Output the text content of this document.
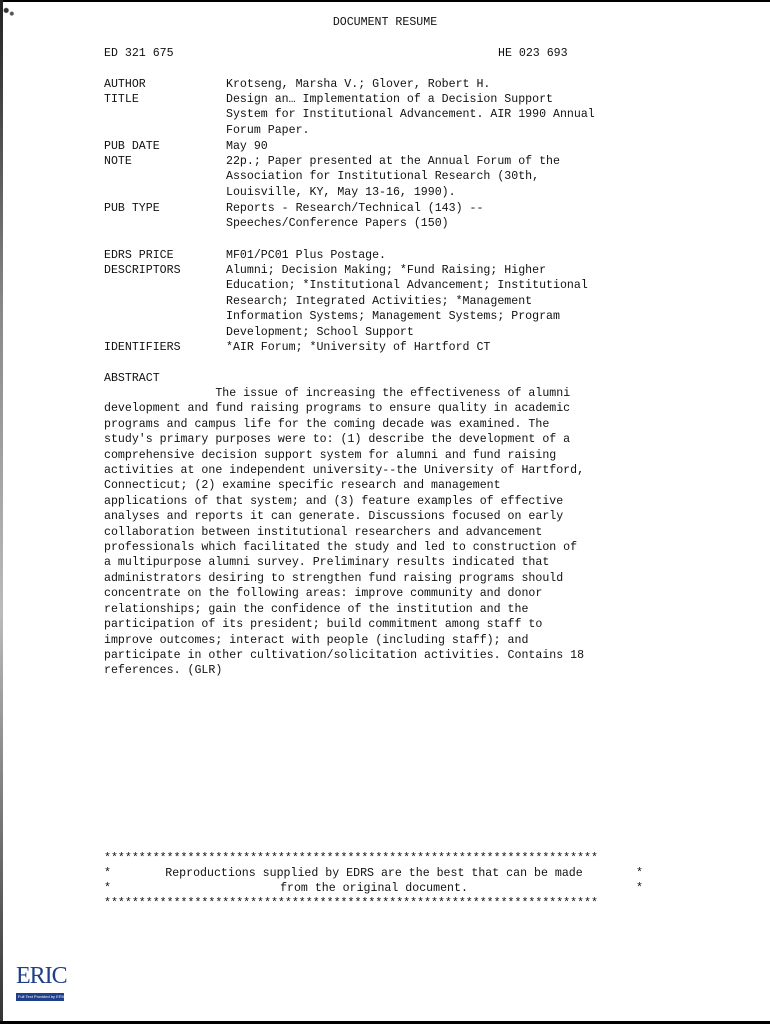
DOCUMENT RESUME
ED 321 675	HE 023 693

AUTHOR

	Krotseng, Marsha V.; Glover, Robert H.

TITLE

	Design an… Implementation of a Decision Support
System for Institutional Advancement. AIR 1990 Annual
Forum Paper.

PUB DATE

	May 90

NOTE

	22p.; Paper presented at the Annual Forum of the
Association for Institutional Research (30th,
Louisville, KY, May 13-16, 1990).

PUB TYPE

	Reports - Research/Technical (143) --
Speeches/Conference Papers (150)

EDRS PRICE

	MF01/PC01 Plus Postage.

DESCRIPTORS

	Alumni; Decision Making; *Fund Raising; Higher
Education; *Institutional Advancement; Institutional
Research; Integrated Activities; *Management
Information Systems; Management Systems; Program
Development; School Support

IDENTIFIERS

	*AIR Forum; *University of Hartford CT

ABSTRACT
The issue of increasing the effectiveness of alumni
development and fund raising programs to ensure quality in academic
programs and campus life for the coming decade was examined. The
study's primary purposes were to: (1) describe the development of a
comprehensive decision support system for alumni and fund raising
activities at one independent university--the University of Hartford,
Connecticut; (2) examine specific research and management
applications of that system; and (3) feature examples of effective
analyses and reports it can generate. Discussions focused on early
collaboration between institutional researchers and advancement
professionals which facilitated the study and led to construction of
a multipurpose alumni survey. Preliminary results indicated that
administrators desiring to strengthen fund raising programs should
concentrate on the following areas: improve community and donor
relationships; gain the confidence of the institution and the
participation of its president; build commitment among staff to
improve outcomes; interact with people (including staff); and
participate in other cultivation/solicitation activities. Contains 18
references. (GLR)
***********************************************************************
*	Reproductions supplied by EDRS are the best that can be made	*
*	from the original document.	*
***********************************************************************
ERIC
Full Text Provided by ERIC
